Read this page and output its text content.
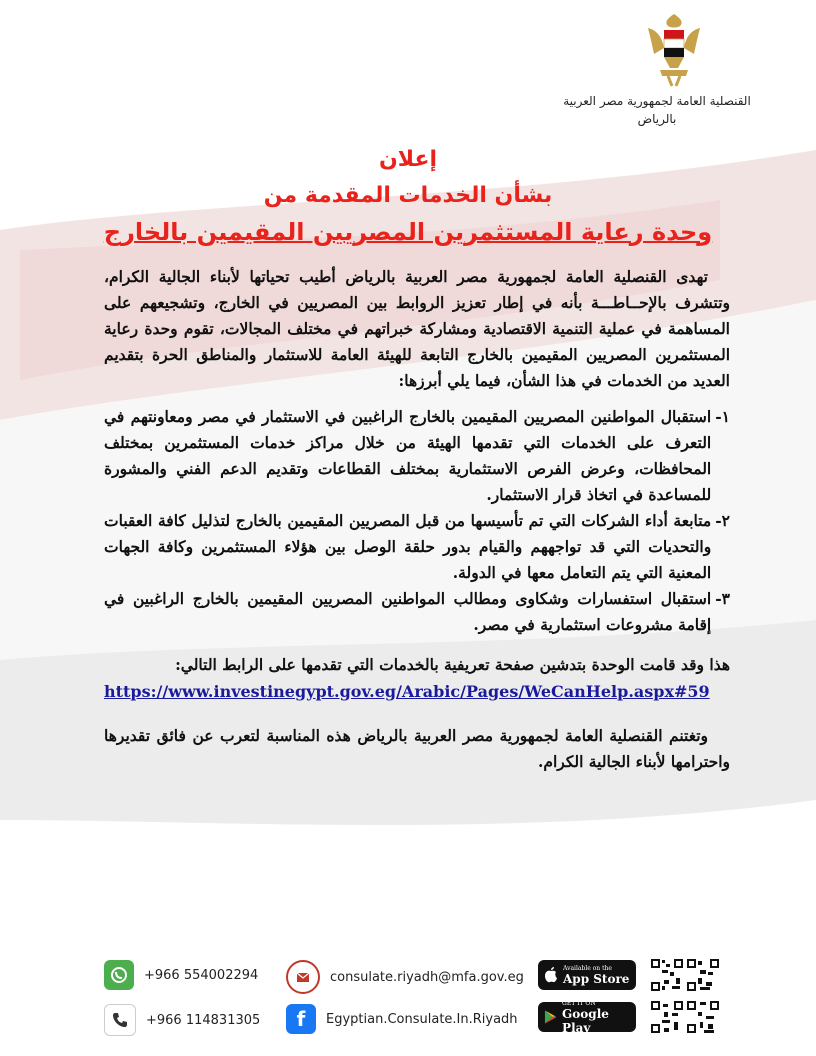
القنصلية العامة لجمهورية مصر العربية
بالرياض
إعلان
بشأن الخدمات المقدمة من
وحدة رعاية المستثمرين المصريين المقيمين بالخارج

تهدى القنصلية العامة لجمهورية مصر العربية بالرياض أطيب تحياتها لأبناء الجالية الكرام، وتتشرف بالإحــاطـــة بأنه في إطار تعزيز الروابط بين المصريين في الخارج، وتشجيعهم على المساهمة في عملية التنمية الاقتصادية ومشاركة خبراتهم في مختلف المجالات، تقوم وحدة رعاية المستثمرين المصريين المقيمين بالخارج التابعة للهيئة العامة للاستثمار والمناطق الحرة بتقديم العديد من الخدمات في هذا الشأن، فيما يلي أبرزها:

١-
استقبال المواطنين المصريين المقيمين بالخارج الراغبين في الاستثمار في مصر ومعاونتهم في التعرف على الخدمات التي تقدمها الهيئة من خلال مراكز خدمات المستثمرين بمختلف المحافظات، وعرض الفرص الاستثمارية بمختلف القطاعات وتقديم الدعم الفني والمشورة للمساعدة في اتخاذ قرار الاستثمار.
٢-
متابعة أداء الشركات التي تم تأسيسها من قبل المصريين المقيمين بالخارج لتذليل كافة العقبات والتحديات التي قد تواجههم والقيام بدور حلقة الوصل بين هؤلاء المستثمرين وكافة الجهات المعنية التي يتم التعامل معها في الدولة.
٣-
استقبال استفسارات وشكاوى ومطالب المواطنين المصريين المقيمين بالخارج الراغبين في إقامة مشروعات استثمارية في مصر.

هذا وقد قامت الوحدة بتدشين صفحة تعريفية بالخدمات التي تقدمها على الرابط التالي:

https://www.investinegypt.gov.eg/Arabic/Pages/WeCanHelp.aspx#59

وتغتنم القنصلية العامة لجمهورية مصر العربية بالرياض هذه المناسبة لتعرب عن فائق تقديرها واحترامها لأبناء الجالية الكرام.

+966 554002294
+966 114831305
consulate.riyadh@mfa.gov.eg
f	Egyptian.Consulate.In.Riyadh
Available on the
App Store
GET IT ON
Google Play
